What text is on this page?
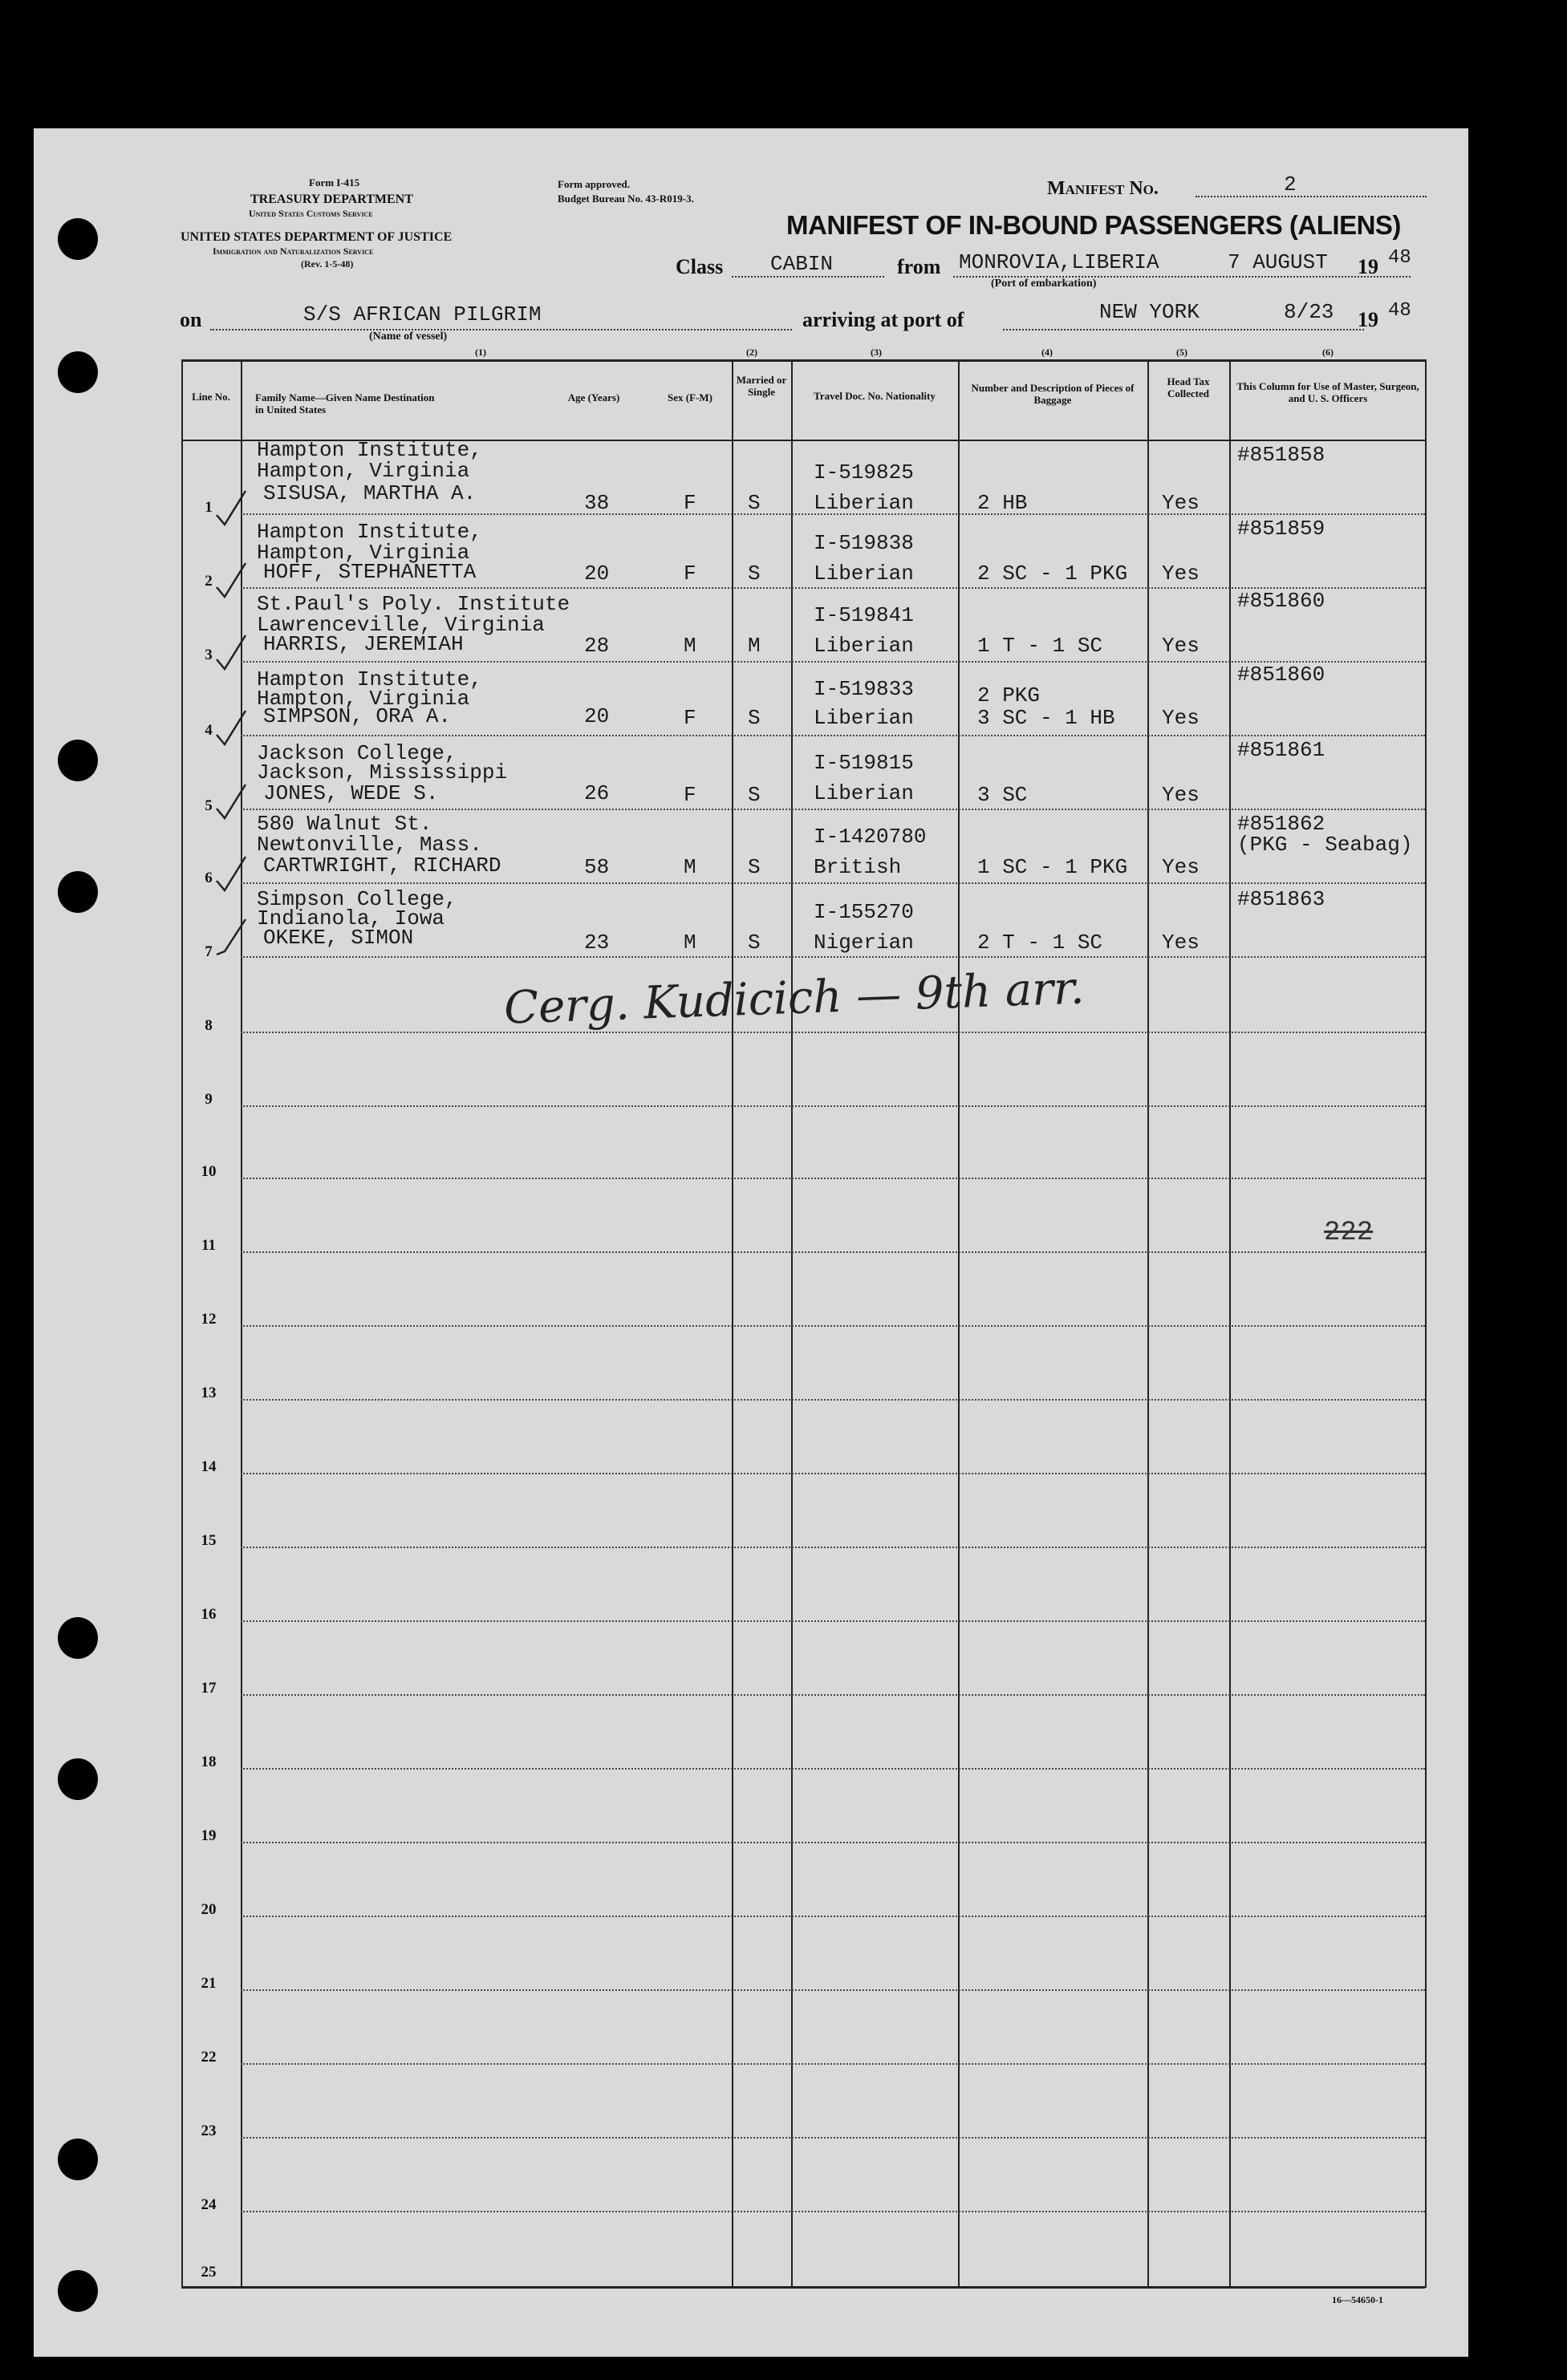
Form I-415
TREASURY DEPARTMENT
United States Customs Service
UNITED STATES DEPARTMENT OF JUSTICE
Immigration and Naturalization Service
(Rev. 1-5-48)
Form approved.
Budget Bureau No. 43-R019-3.	Manifest No.	2
MANIFEST OF IN-BOUND PASSENGERS (ALIENS)
Class CABIN	from MONROVIA,LIBERIA	7 AUGUST 19 48
(Port of embarkation)
on	S/S AFRICAN PILGRIM
(Name of vessel)
arriving at port of	NEW YORK	8/23 19 48
(1)	(2)	(3)	(4)	(5)	(6)
Line No.	Family Name—Given Name Destination in United States
Age (Years)	Sex (F-M)
Married or Single	Travel Doc. No. Nationality
Number and Description of Pieces of Baggage
Head Tax Collected
This Column for Use of Master, Surgeon, and U. S. Officers
1
Hampton Institute,
Hampton, Virginia
SISUSA, MARTHA A.	38	F S
I-519825
Liberian	2 HB	Yes
#851858
2
Hampton Institute,
Hampton, Virginia
HOFF, STEPHANETTA	20	F S
I-519838
Liberian	2 SC - 1 PKG Yes
#851859
3
St.Paul's Poly. Institute
Lawrenceville, Virginia
HARRIS, JEREMIAH	28	M M
I-519841
Liberian	1 T - 1 SC	Yes
#851860
4
Hampton Institute,
Hampton, Virginia
SIMPSON, ORA A.	20	F S
I-519833
Liberian
2 PKG
3 SC - 1 HB Yes
#851860
5
Jackson College,
Jackson, Mississippi
JONES, WEDE S.	26	F S
I-519815
Liberian	3 SC	Yes
#851861
6
580 Walnut St.
Newtonville, Mass.
CARTWRIGHT, RICHARD	58	M S
I-1420780
British	1 SC - 1 PKG Yes
#851862
(PKG - Seabag)
7
Simpson College,
Indianola, Iowa
OKEKE, SIMON	23	M S
I-155270
Nigerian	2 T - 1 SC	Yes
#851863
8
9
10
11
12
13
14
15
16
17
18
19
20
21
22
23
24
25
Cerg. Kudicich — 9th arr.
222
16—54650-1
